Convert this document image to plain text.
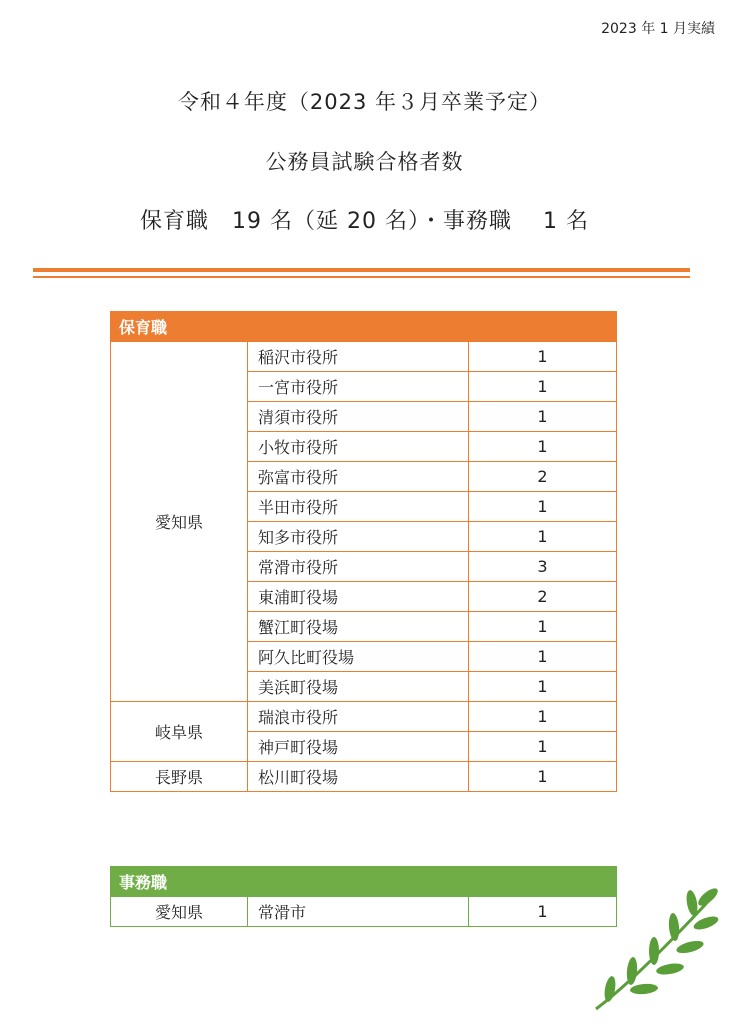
2023 年 1 月実績
令和４年度（2023 年３月卒業予定）
公務員試験合格者数
保育職　19 名（延 20 名）・事務職　 1 名
保育職		
愛知県	稲沢市役所	1
	一宮市役所	1
	清須市役所	1
	小牧市役所	1
	弥富市役所	2
	半田市役所	1
	知多市役所	1
	常滑市役所	3
	東浦町役場	2
	蟹江町役場	1
	阿久比町役場	1
	美浜町役場	1
岐阜県	瑞浪市役所	1
	神戸町役場	1
長野県	松川町役場	1
事務職
愛知県	常滑市	1
